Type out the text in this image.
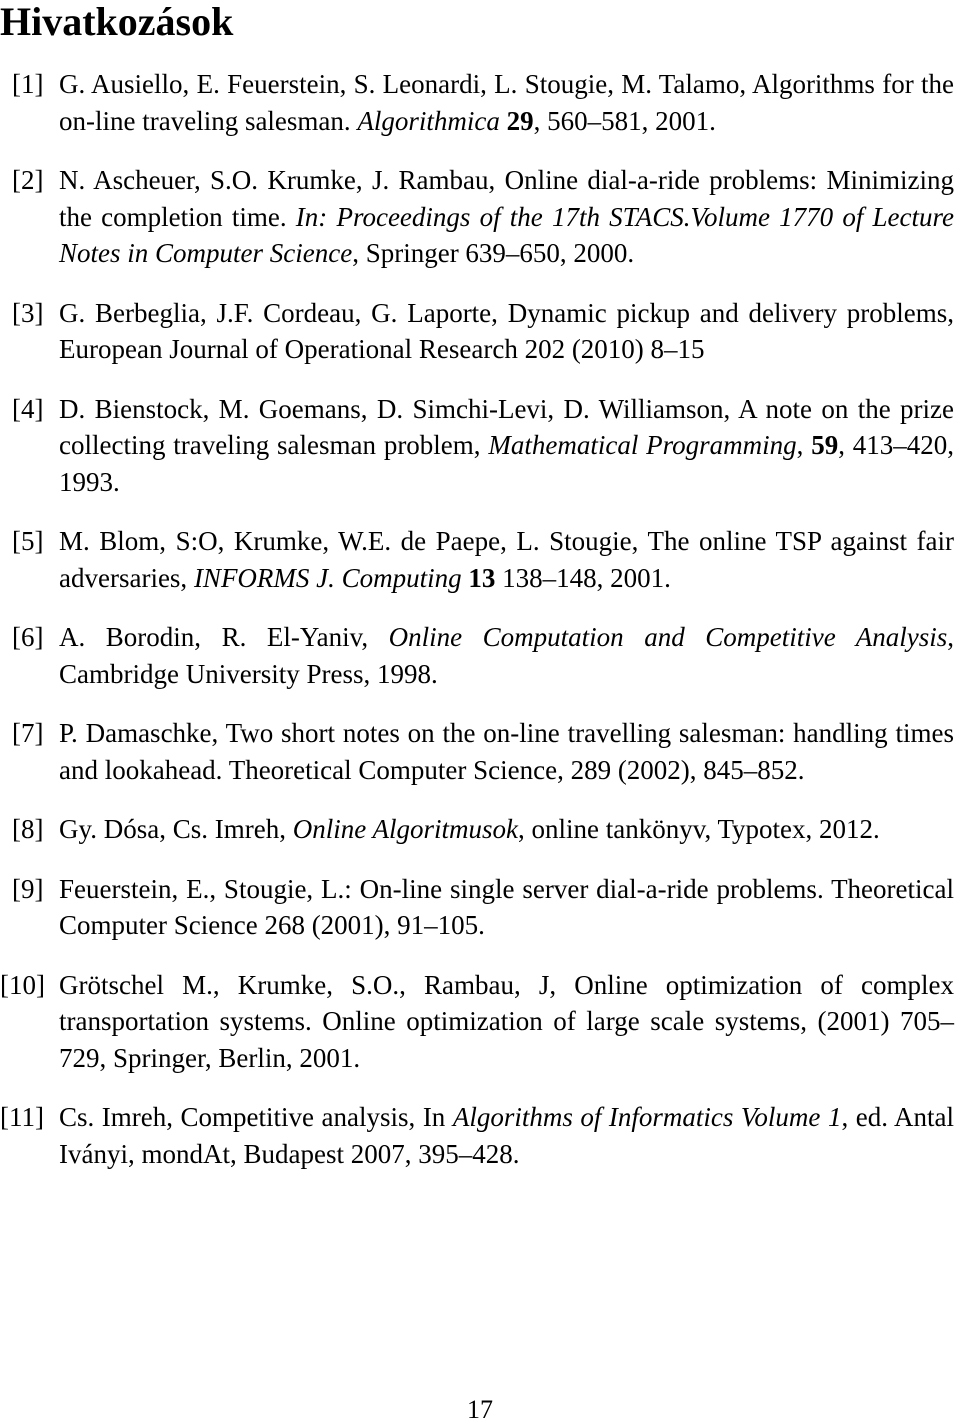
Hivatkozások
[1] G. Ausiello, E. Feuerstein, S. Leonardi, L. Stougie, M. Talamo, Algorithms for the on-line traveling salesman. Algorithmica 29, 560–581, 2001.
[2] N. Ascheuer, S.O. Krumke, J. Rambau, Online dial-a-ride problems: Minimizing the completion time. In: Proceedings of the 17th STACS.Volume 1770 of Lecture Notes in Computer Science, Springer 639–650, 2000.
[3] G. Berbeglia, J.F. Cordeau, G. Laporte, Dynamic pickup and delivery problems, European Journal of Operational Research 202 (2010) 8–15
[4] D. Bienstock, M. Goemans, D. Simchi-Levi, D. Williamson, A note on the prize collecting traveling salesman problem, Mathematical Programming, 59, 413–420, 1993.
[5] M. Blom, S:O, Krumke, W.E. de Paepe, L. Stougie, The online TSP against fair adversaries, INFORMS J. Computing 13 138–148, 2001.
[6] A. Borodin, R. El-Yaniv, Online Computation and Competitive Analysis, Cambridge University Press, 1998.
[7] P. Damaschke, Two short notes on the on-line travelling salesman: handling times and lookahead. Theoretical Computer Science, 289 (2002), 845–852.
[8] Gy. Dósa, Cs. Imreh, Online Algoritmusok, online tankönyv, Typotex, 2012.
[9] Feuerstein, E., Stougie, L.: On-line single server dial-a-ride problems. Theoretical Computer Science 268 (2001), 91–105.
[10] Grötschel M., Krumke, S.O., Rambau, J, Online optimization of complex transportation systems. Online optimization of large scale systems, (2001) 705–729, Springer, Berlin, 2001.
[11] Cs. Imreh, Competitive analysis, In Algorithms of Informatics Volume 1, ed. Antal Iványi, mondAt, Budapest 2007, 395–428.
17
